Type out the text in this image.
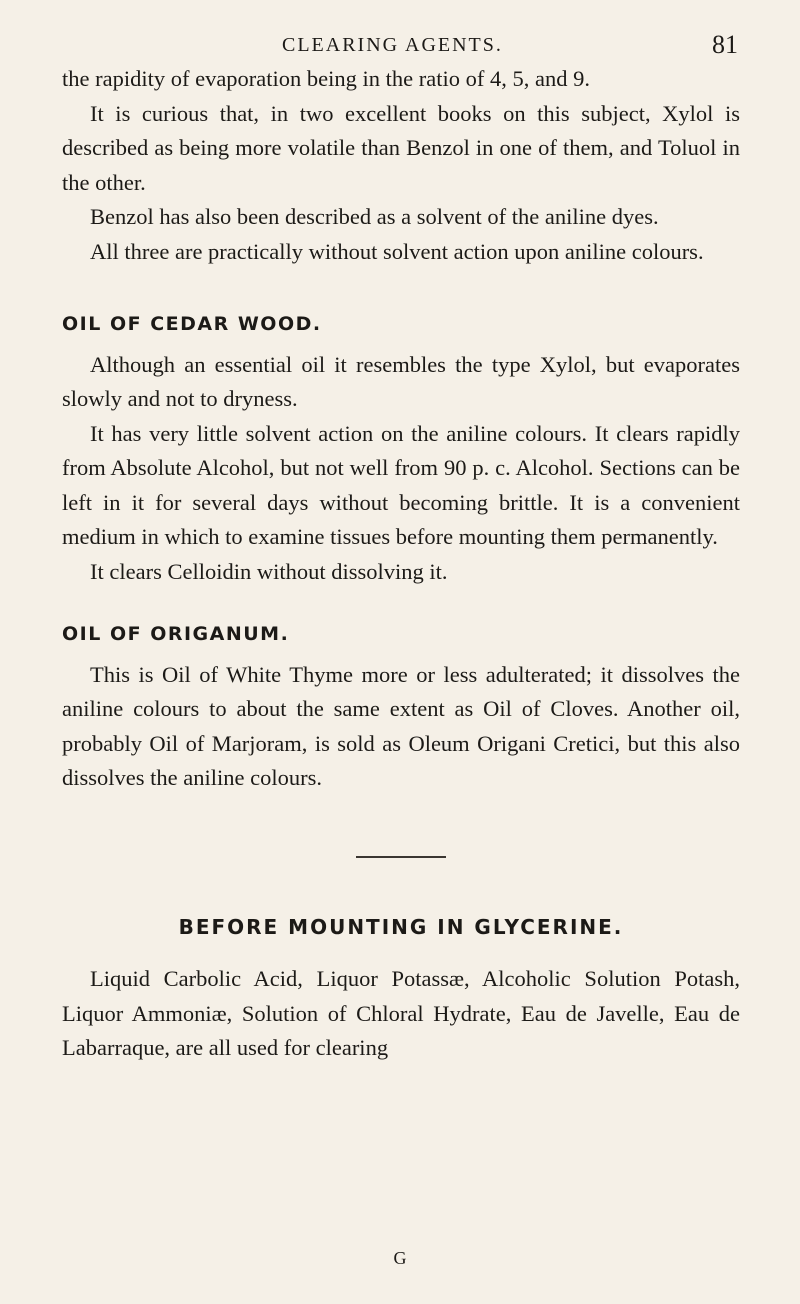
CLEARING AGENTS.	81

the rapidity of evaporation being in the ratio of 4, 5, and 9.

It is curious that, in two excellent books on this subject, Xylol is described as being more volatile than Benzol in one of them, and Toluol in the other.

Benzol has also been described as a solvent of the aniline dyes.

All three are practically without solvent action upon aniline colours.

OIL OF CEDAR WOOD.

Although an essential oil it resembles the type Xylol, but evaporates slowly and not to dryness.

It has very little solvent action on the aniline colours. It clears rapidly from Absolute Alcohol, but not well from 90 p. c. Alcohol. Sections can be left in it for several days without becoming brittle. It is a convenient medium in which to examine tissues before mounting them permanently.

It clears Celloidin without dissolving it.

OIL OF ORIGANUM.

This is Oil of White Thyme more or less adulterated; it dissolves the aniline colours to about the same extent as Oil of Cloves. Another oil, probably Oil of Marjoram, is sold as Oleum Origani Cretici, but this also dissolves the aniline colours.

BEFORE MOUNTING IN GLYCERINE.

Liquid Carbolic Acid, Liquor Potassæ, Alcoholic Solution Potash, Liquor Ammoniæ, Solution of Chloral Hydrate, Eau de Javelle, Eau de Labarraque, are all used for clearing

G
